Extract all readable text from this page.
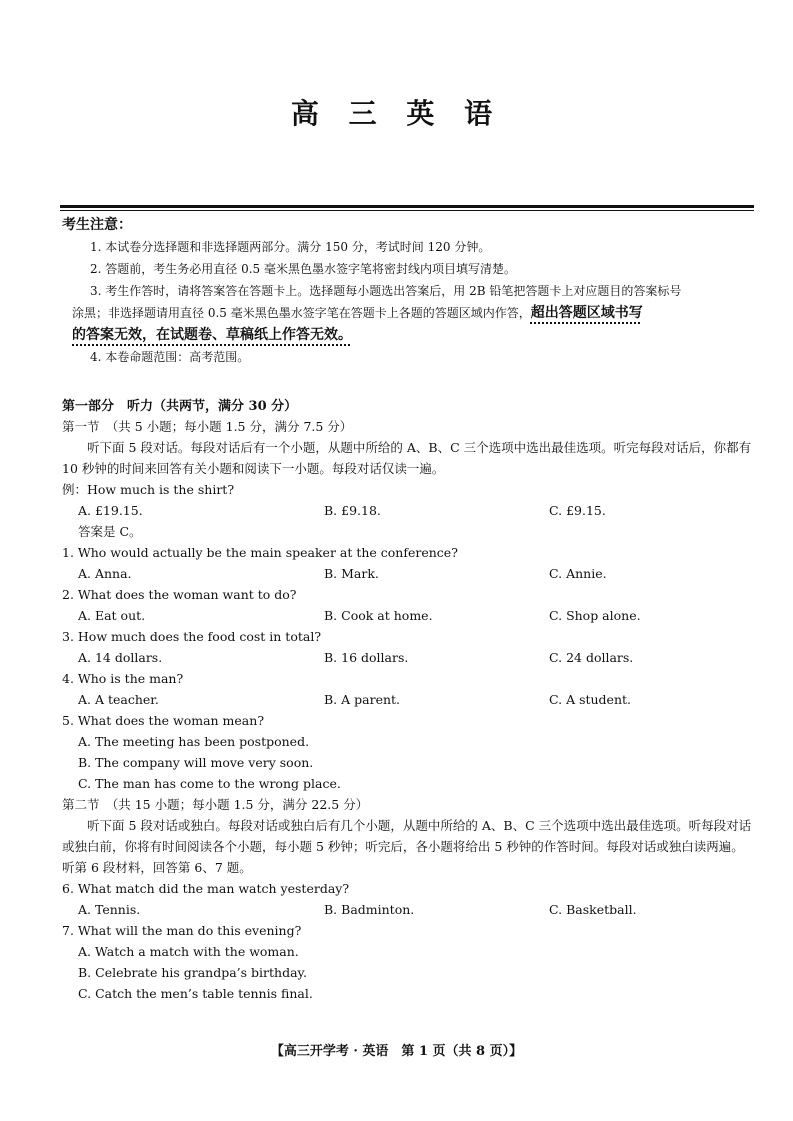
高 三 英 语
考生注意：

1. 本试卷分选择题和非选择题两部分。满分 150 分，考试时间 120 分钟。

2. 答题前，考生务必用直径 0.5 毫米黑色墨水签字笔将密封线内项目填写清楚。

3. 考生作答时，请将答案答在答题卡上。选择题每小题选出答案后，用 2B 铅笔把答题卡上对应题目的答案标号

涂黑；非选择题请用直径 0.5 毫米黑色墨水签字笔在答题卡上各题的答题区域内作答，超出答题区域书写

的答案无效，在试题卷、草稿纸上作答无效。

4. 本卷命题范围：高考范围。

第一部分　听力（共两节，满分 30 分）

第一节　（共 5 小题；每小题 1.5 分，满分 7.5 分）

听下面 5 段对话。每段对话后有一个小题，从题中所给的 A、B、C 三个选项中选出最佳选项。听完每段对话后，你都有 10 秒钟的时间来回答有关小题和阅读下一小题。每段对话仅读一遍。

例：How much is the shirt?

A. £19.15.	B. £9.18.	C. £9.15.

答案是 C。

1. Who would actually be the main speaker at the conference?

A. Anna.	B. Mark.	C. Annie.

2. What does the woman want to do?

A. Eat out.	B. Cook at home.	C. Shop alone.

3. How much does the food cost in total?

A. 14 dollars.	B. 16 dollars.	C. 24 dollars.

4. Who is the man?

A. A teacher.	B. A parent.	C. A student.

5. What does the woman mean?

A. The meeting has been postponed.

B. The company will move very soon.

C. The man has come to the wrong place.

第二节　（共 15 小题；每小题 1.5 分，满分 22.5 分）

听下面 5 段对话或独白。每段对话或独白后有几个小题，从题中所给的 A、B、C 三个选项中选出最佳选项。听每段对话或独白前，你将有时间阅读各个小题，每小题 5 秒钟；听完后，各小题将给出 5 秒钟的作答时间。每段对话或独白读两遍。

听第 6 段材料，回答第 6、7 题。

6. What match did the man watch yesterday?

A. Tennis.	B. Badminton.	C. Basketball.

7. What will the man do this evening?

A. Watch a match with the woman.

B. Celebrate his grandpa’s birthday.

C. Catch the men’s table tennis final.

【高三开学考 · 英语　第 1 页（共 8 页）】
